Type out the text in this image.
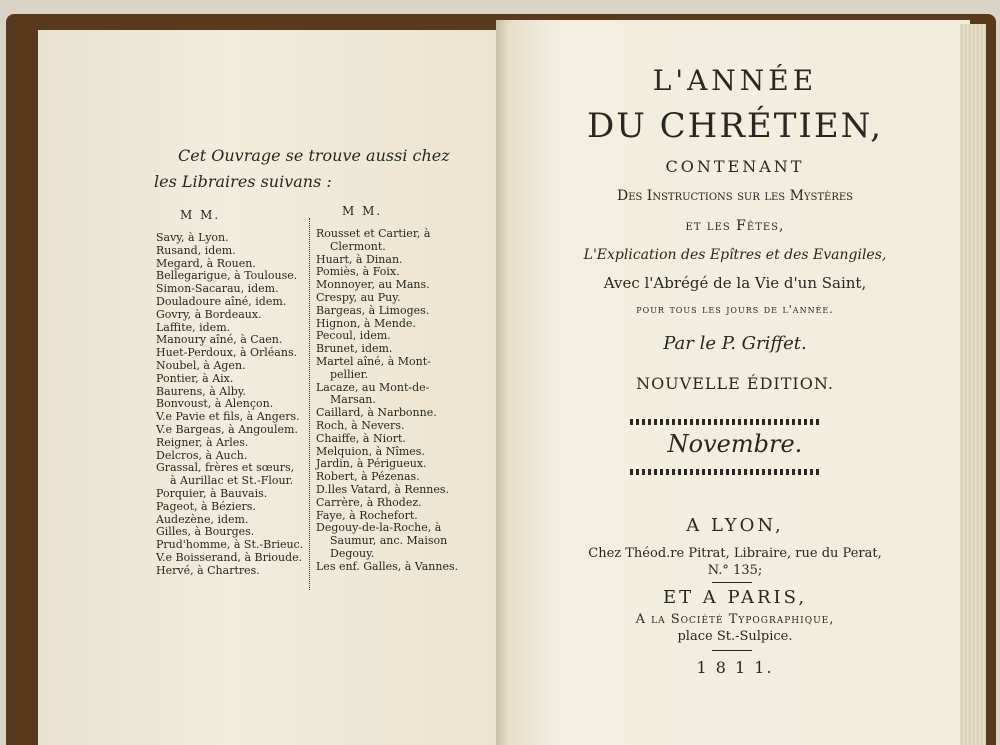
Cet Ouvrage se trouve aussi chez
les Libraires suivans :
M M.	M M.
Savy, à Lyon.
Rusand, idem.
Megard, à Rouen.
Bellegarigue, à Toulouse.
Simon-Sacarau, idem.
Douladoure aîné, idem.
Govry, à Bordeaux.
Laffite, idem.
Manoury aîné, à Caen.
Huet-Perdoux, à Orléans.
Noubel, à Agen.
Pontier, à Aix.
Baurens, à Alby.
Bonvoust, à Alençon.
V.e Pavie et fils, à Angers.
V.e Bargeas, à Angoulem.
Reigner, à Arles.
Delcros, à Auch.
Grassal, frères et sœurs,
à Aurillac et St.-Flour.
Porquier, à Bauvais.
Pageot, à Béziers.
Audezène, idem.
Gilles, à Bourges.
Prud'homme, à St.-Brieuc.
V.e Boisserand, à Brioude.
Hervé, à Chartres.
Rousset et Cartier, à
Clermont.
Huart, à Dinan.
Pomiès, à Foix.
Monnoyer, au Mans.
Crespy, au Puy.
Bargeas, à Limoges.
Hignon, à Mende.
Pecoul, idem.
Brunet, idem.
Martel aîné, à Mont-
pellier.
Lacaze, au Mont-de-
Marsan.
Caillard, à Narbonne.
Roch, à Nevers.
Chaiffe, à Niort.
Melquion, à Nîmes.
Jardin, à Périgueux.
Robert, à Pézenas.
D.lles Vatard, à Rennes.
Carrère, à Rhodez.
Faye, à Rochefort.
Degouy-de-la-Roche, à
Saumur, anc. Maison
Degouy.
Les enf. Galles, à Vannes.
L'ANNÉE
DU CHRÉTIEN,
CONTENANT
Des Instructions sur les Mystères
et les Fêtes,
L'Explication des Epîtres et des Evangiles,
Avec l'Abrégé de la Vie d'un Saint,
pour tous les jours de l'année.
Par le P. Griffet.
NOUVELLE ÉDITION.
Novembre.
A LYON,
Chez Théod.re Pitrat, Libraire, rue du Perat,
N.° 135;
ET A PARIS,
A la Société Typographique,
place St.-Sulpice.
1 8 1 1.
